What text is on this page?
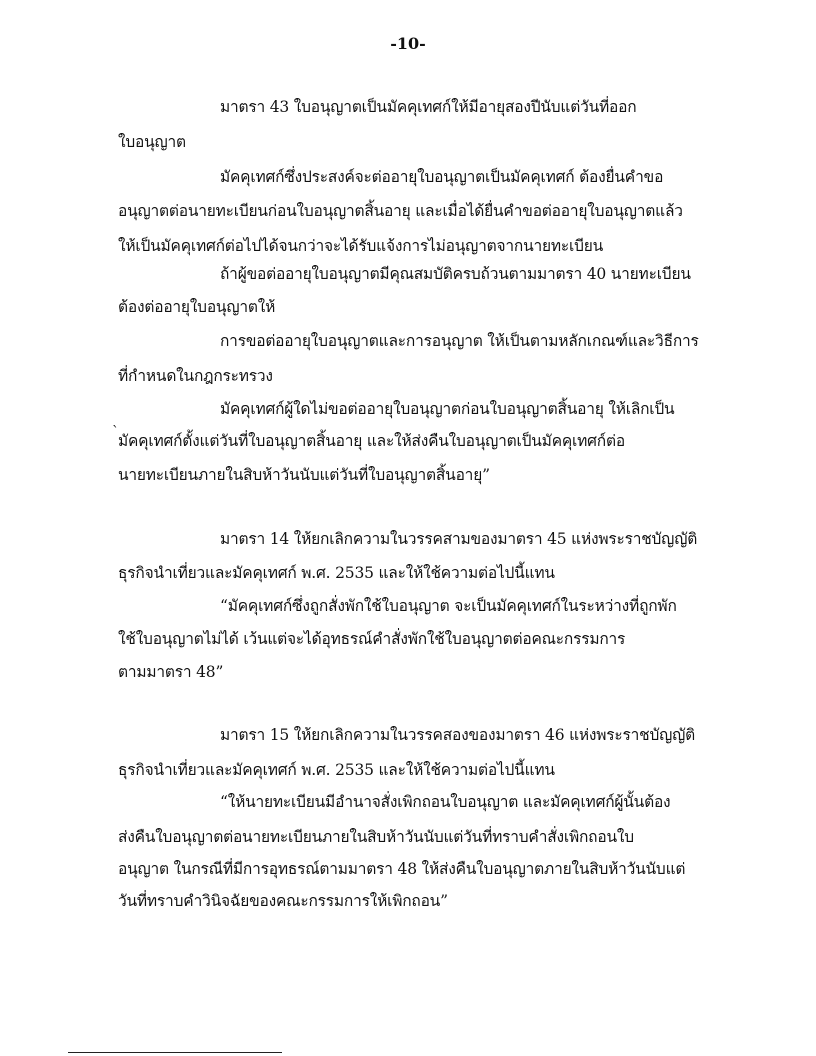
-10-
มาตรา 43 ใบอนุญาตเป็นมัคคุเทศก์ให้มีอายุสองปีนับแต่วันที่ออก
ใบอนุญาต
มัคคุเทศก์ซึ่งประสงค์จะต่ออายุใบอนุญาตเป็นมัคคุเทศก์ ต้องยื่นคำขอ
อนุญาตต่อนายทะเบียนก่อนใบอนุญาตสิ้นอายุ และเมื่อได้ยื่นคำขอต่ออายุใบอนุญาตแล้ว
ให้เป็นมัคคุเทศก์ต่อไปได้จนกว่าจะได้รับแจ้งการไม่อนุญาตจากนายทะเบียน
ถ้าผู้ขอต่ออายุใบอนุญาตมีคุณสมบัติครบถ้วนตามมาตรา 40 นายทะเบียน
ต้องต่ออายุใบอนุญาตให้
การขอต่ออายุใบอนุญาตและการอนุญาต ให้เป็นตามหลักเกณฑ์และวิธีการ
ที่กำหนดในกฎกระทรวง
มัคคุเทศก์ผู้ใดไม่ขอต่ออายุใบอนุญาตก่อนใบอนุญาตสิ้นอายุ ให้เลิกเป็น
ˋ มัคคุเทศก์ตั้งแต่วันที่ใบอนุญาตสิ้นอายุ และให้ส่งคืนใบอนุญาตเป็นมัคคุเทศก์ต่อ
นายทะเบียนภายในสิบห้าวันนับแต่วันที่ใบอนุญาตสิ้นอายุ”
มาตรา 14 ให้ยกเลิกความในวรรคสามของมาตรา 45 แห่งพระราชบัญญัติ
ธุรกิจนำเที่ยวและมัคคุเทศก์ พ.ศ. 2535 และให้ใช้ความต่อไปนี้แทน
“มัคคุเทศก์ซึ่งถูกสั่งพักใช้ใบอนุญาต จะเป็นมัคคุเทศก์ในระหว่างที่ถูกพัก
ใช้ใบอนุญาตไม่ได้ เว้นแต่จะได้อุทธรณ์คำสั่งพักใช้ใบอนุญาตต่อคณะกรรมการ
ตามมาตรา 48”
มาตรา 15 ให้ยกเลิกความในวรรคสองของมาตรา 46 แห่งพระราชบัญญัติ
ธุรกิจนำเที่ยวและมัคคุเทศก์ พ.ศ. 2535 และให้ใช้ความต่อไปนี้แทน
“ให้นายทะเบียนมีอำนาจสั่งเพิกถอนใบอนุญาต และมัคคุเทศก์ผู้นั้นต้อง
ส่งคืนใบอนุญาตต่อนายทะเบียนภายในสิบห้าวันนับแต่วันที่ทราบคำสั่งเพิกถอนใบ
อนุญาต ในกรณีที่มีการอุทธรณ์ตามมาตรา 48 ให้ส่งคืนใบอนุญาตภายในสิบห้าวันนับแต่
วันที่ทราบคำวินิจฉัยของคณะกรรมการให้เพิกถอน”
